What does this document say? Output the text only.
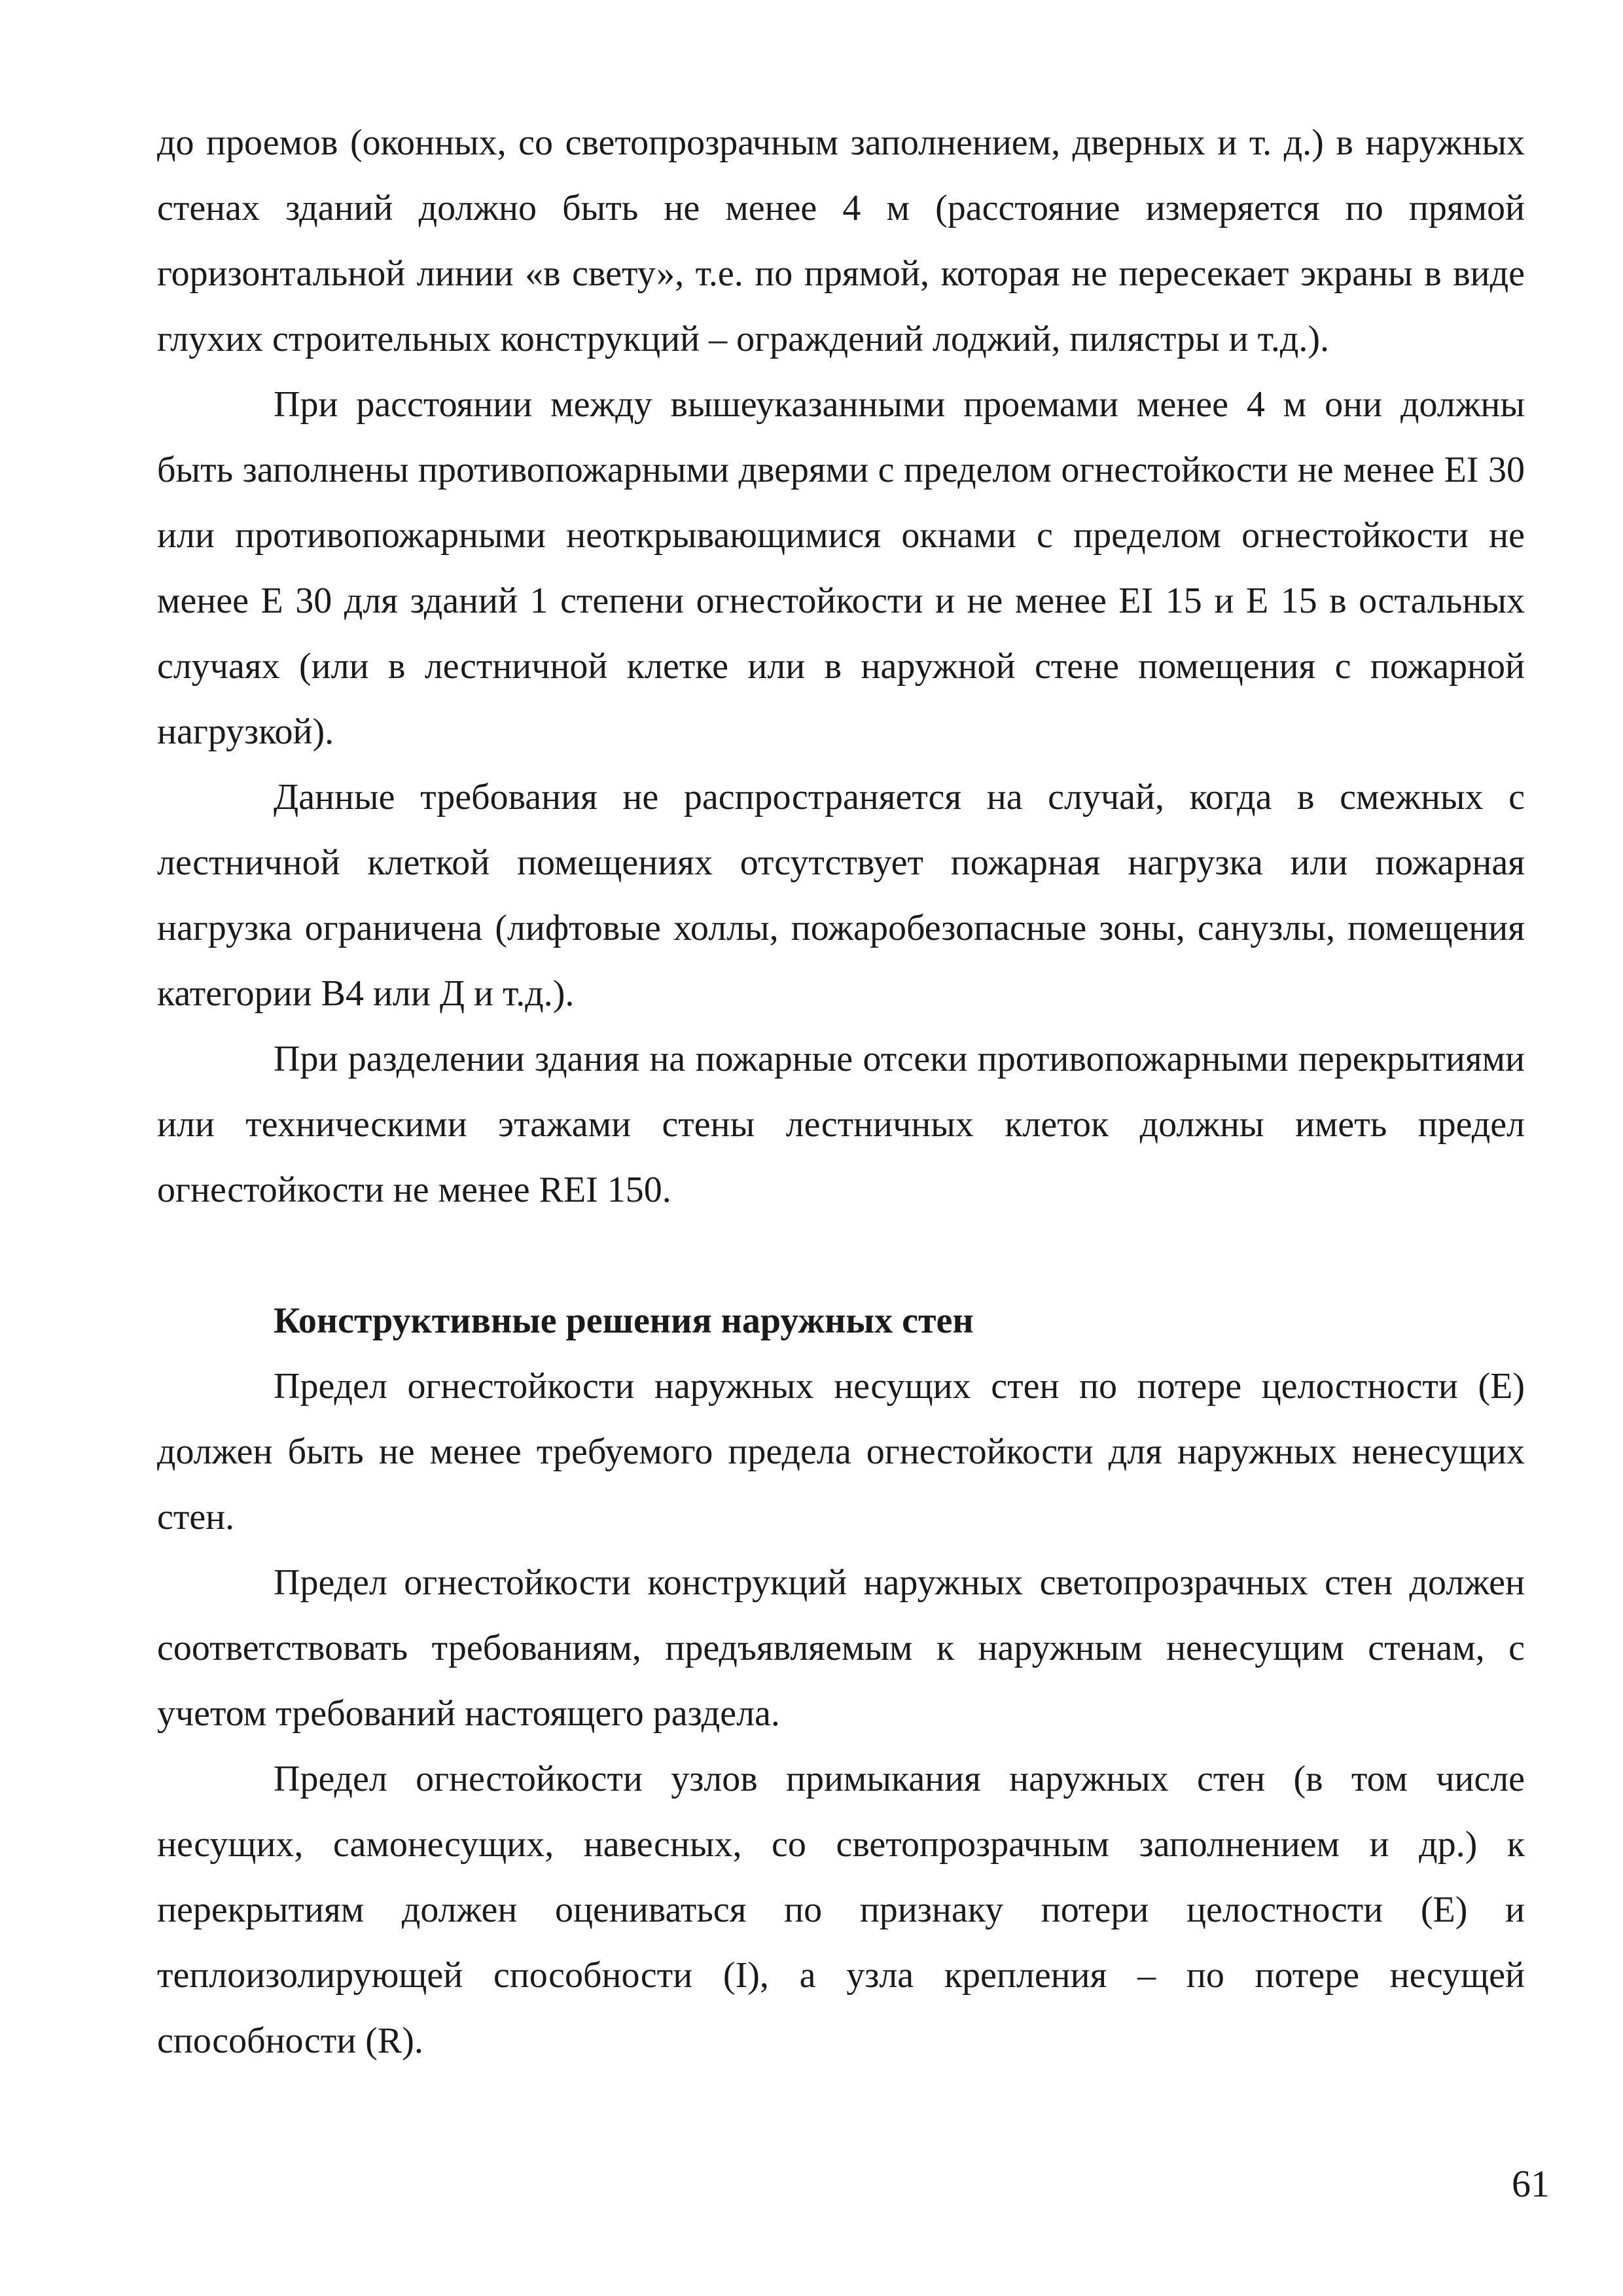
до проемов (оконных, со светопрозрачным заполнением, дверных и т. д.) в наружных стенах зданий должно быть не менее 4 м (расстояние измеряется по прямой горизонтальной линии «в свету», т.е. по прямой, которая не пересекает экраны в виде глухих строительных конструкций – ограждений лоджий, пилястры и т.д.).

При расстоянии между вышеуказанными проемами менее 4 м они должны быть заполнены противопожарными дверями с пределом огнестойкости не менее EI 30 или противопожарными неоткрывающимися окнами с пределом огнестойкости не менее Е 30 для зданий 1 степени огнестойкости и не менее EI 15 и Е 15 в остальных случаях (или в лестничной клетке или в наружной стене помещения с пожарной нагрузкой).

Данные требования не распространяется на случай, когда в смежных с лестничной клеткой помещениях отсутствует пожарная нагрузка или пожарная нагрузка ограничена (лифтовые холлы, пожаробезопасные зоны, санузлы, помещения категории В4 или Д и т.д.).

При разделении здания на пожарные отсеки противопожарными перекрытиями или техническими этажами стены лестничных клеток должны иметь предел огнестойкости не менее REI 150.

Конструктивные решения наружных стен

Предел огнестойкости наружных несущих стен по потере целостности (Е) должен быть не менее требуемого предела огнестойкости для наружных ненесущих стен.

Предел огнестойкости конструкций наружных светопрозрачных стен должен соответствовать требованиям, предъявляемым к наружным ненесущим стенам, с учетом требований настоящего раздела.

Предел огнестойкости узлов примыкания наружных стен (в том числе несущих, самонесущих, навесных, со светопрозрачным заполнением и др.) к перекрытиям должен оцениваться по признаку потери целостности (Е) и теплоизолирующей способности (I), а узла крепления – по потере несущей способности (R).

61
